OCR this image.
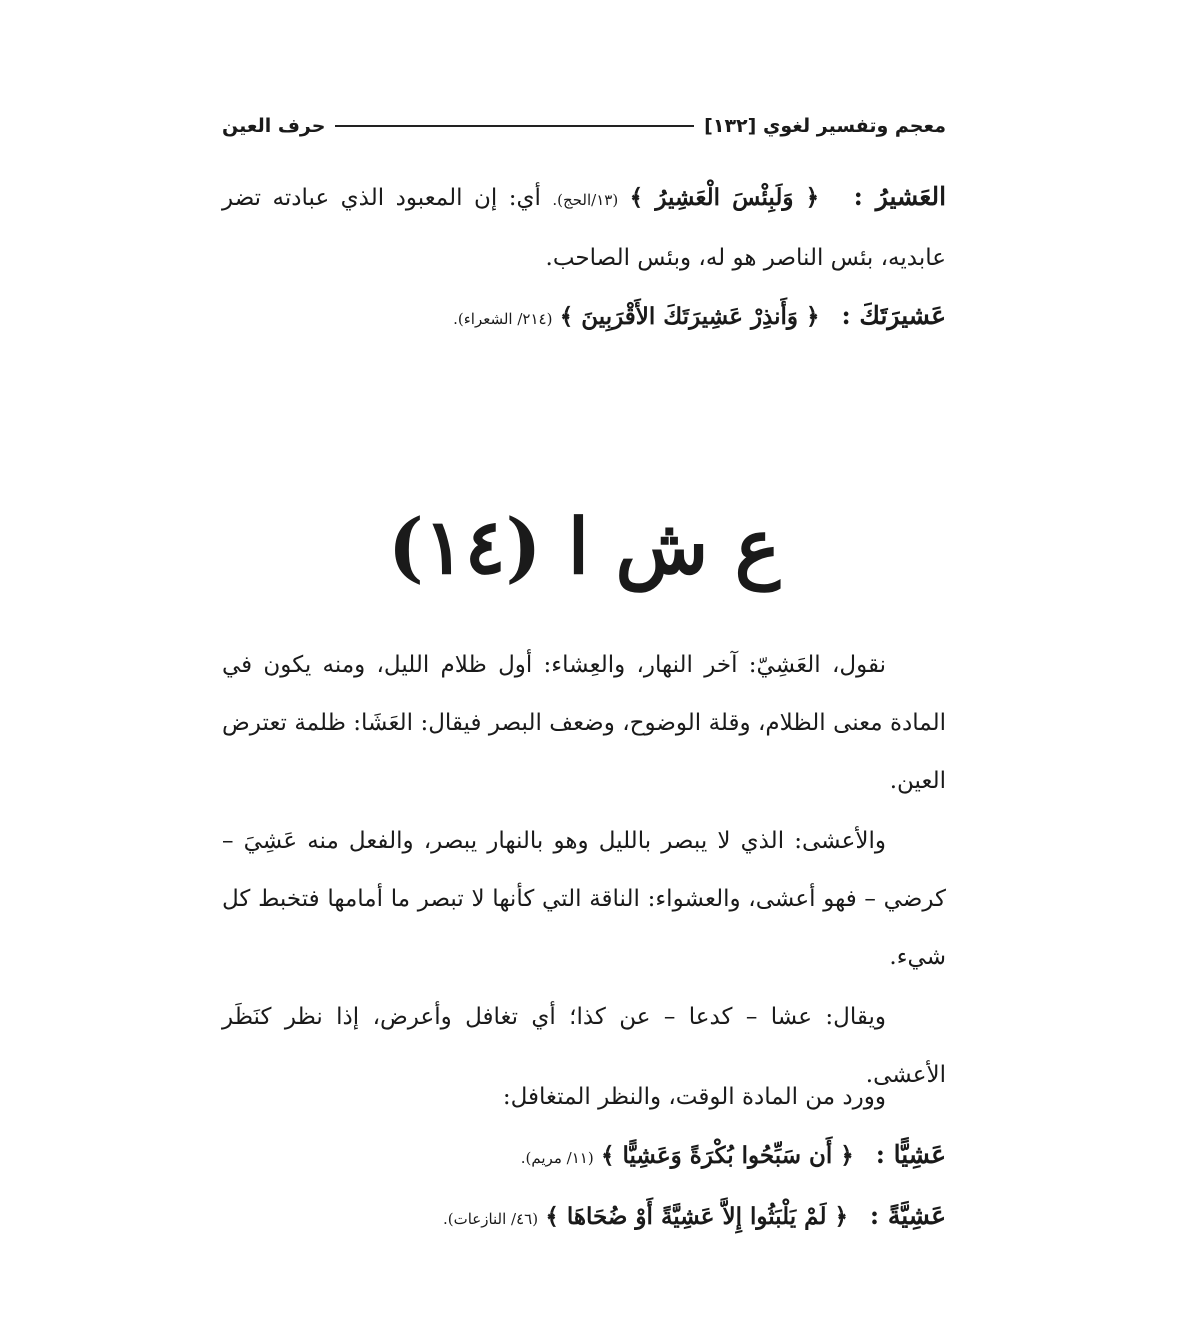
[١٣٢] معجم وتفسير لغوي
حرف العين

العَشيرُ :   ﴿ وَلَبِئْسَ الْعَشِيرُ ﴾ (١٣/الحج). أي: إن المعبود الذي عبادته تضر عابديه، بئس الناصر هو له، وبئس الصاحب.

عَشيرَتَكَ :   ﴿ وَأَنذِرْ عَشِيرَتَكَ الأَقْرَبِينَ ﴾ (٢١٤/ الشعراء).

ع ش ا (١٤)

نقول، العَشِيّ: آخر النهار، والعِشاء: أول ظلام الليل، ومنه يكون في المادة معنى الظلام، وقلة الوضوح، وضعف البصر فيقال: العَشَا: ظلمة تعترض العين.

والأعشى: الذي لا يبصر بالليل وهو بالنهار يبصر، والفعل منه عَشِيَ – كرضي – فهو أعشى، والعشواء: الناقة التي كأنها لا تبصر ما أمامها فتخبط كل شيء.

ويقال: عشا – كدعا – عن كذا؛ أي تغافل وأعرض، إذا نظر كنَظَر الأعشى.

وورد من المادة الوقت، والنظر المتغافل:

عَشِيًّا :   ﴿ أَن سَبِّحُوا بُكْرَةً وَعَشِيًّا ﴾ (١١/ مريم).

عَشِيَّةً :   ﴿ لَمْ يَلْبَثُوا إِلاَّ عَشِيَّةً أَوْ ضُحَاهَا ﴾ (٤٦/ النازعات).
